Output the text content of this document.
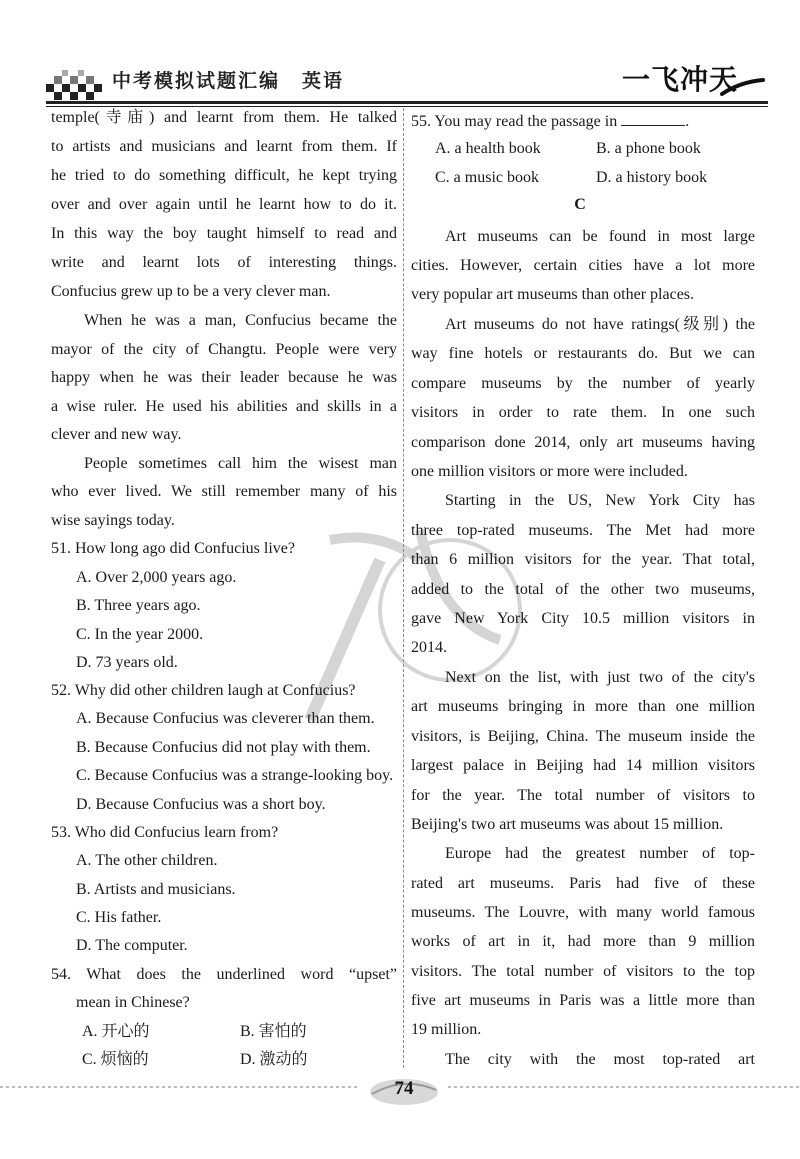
中考模拟试题汇编 英语	一飞冲天
temple(寺庙) and learnt from them. He talked
to artists and musicians and learnt from them. If
he tried to do something difficult, he kept trying
over and over again until he learnt how to do it.
In this way the boy taught himself to read and
write and learnt lots of interesting things.
Confucius grew up to be a very clever man.
When he was a man, Confucius became the
mayor of the city of Changtu. People were very
happy when he was their leader because he was
a wise ruler. He used his abilities and skills in a
clever and new way.
People sometimes call him the wisest man
who ever lived. We still remember many of his
wise sayings today.
51. How long ago did Confucius live?
A. Over 2,000 years ago.
B. Three years ago.
C. In the year 2000.
D. 73 years old.
52. Why did other children laugh at Confucius?
A. Because Confucius was cleverer than them.
B. Because Confucius did not play with them.
C. Because Confucius was a strange-looking boy.
D. Because Confucius was a short boy.
53. Who did Confucius learn from?
A. The other children.
B. Artists and musicians.
C. His father.
D. The computer.
54. What does the underlined word “upset”
mean in Chinese?
A. 开心的	B. 害怕的
C. 烦恼的	D. 激动的
55. You may read the passage in	.
A. a health book	B. a phone book
C. a music book	D. a history book
C
Art museums can be found in most large
cities. However, certain cities have a lot more
very popular art museums than other places.
Art museums do not have ratings(级别) the
way fine hotels or restaurants do. But we can
compare museums by the number of yearly
visitors in order to rate them. In one such
comparison done 2014, only art museums having
one million visitors or more were included.
Starting in the US, New York City has
three top-rated museums. The Met had more
than 6 million visitors for the year. That total,
added to the total of the other two museums,
gave New York City 10.5 million visitors in
2014.
Next on the list, with just two of the city's
art museums bringing in more than one million
visitors, is Beijing, China. The museum inside the
largest palace in Beijing had 14 million visitors
for the year. The total number of visitors to
Beijing's two art museums was about 15 million.
Europe had the greatest number of top-
rated art museums. Paris had five of these
museums. The Louvre, with many world famous
works of art in it, had more than 9 million
visitors. The total number of visitors to the top
five art museums in Paris was a little more than
19 million.
The city with the most top-rated art
74
